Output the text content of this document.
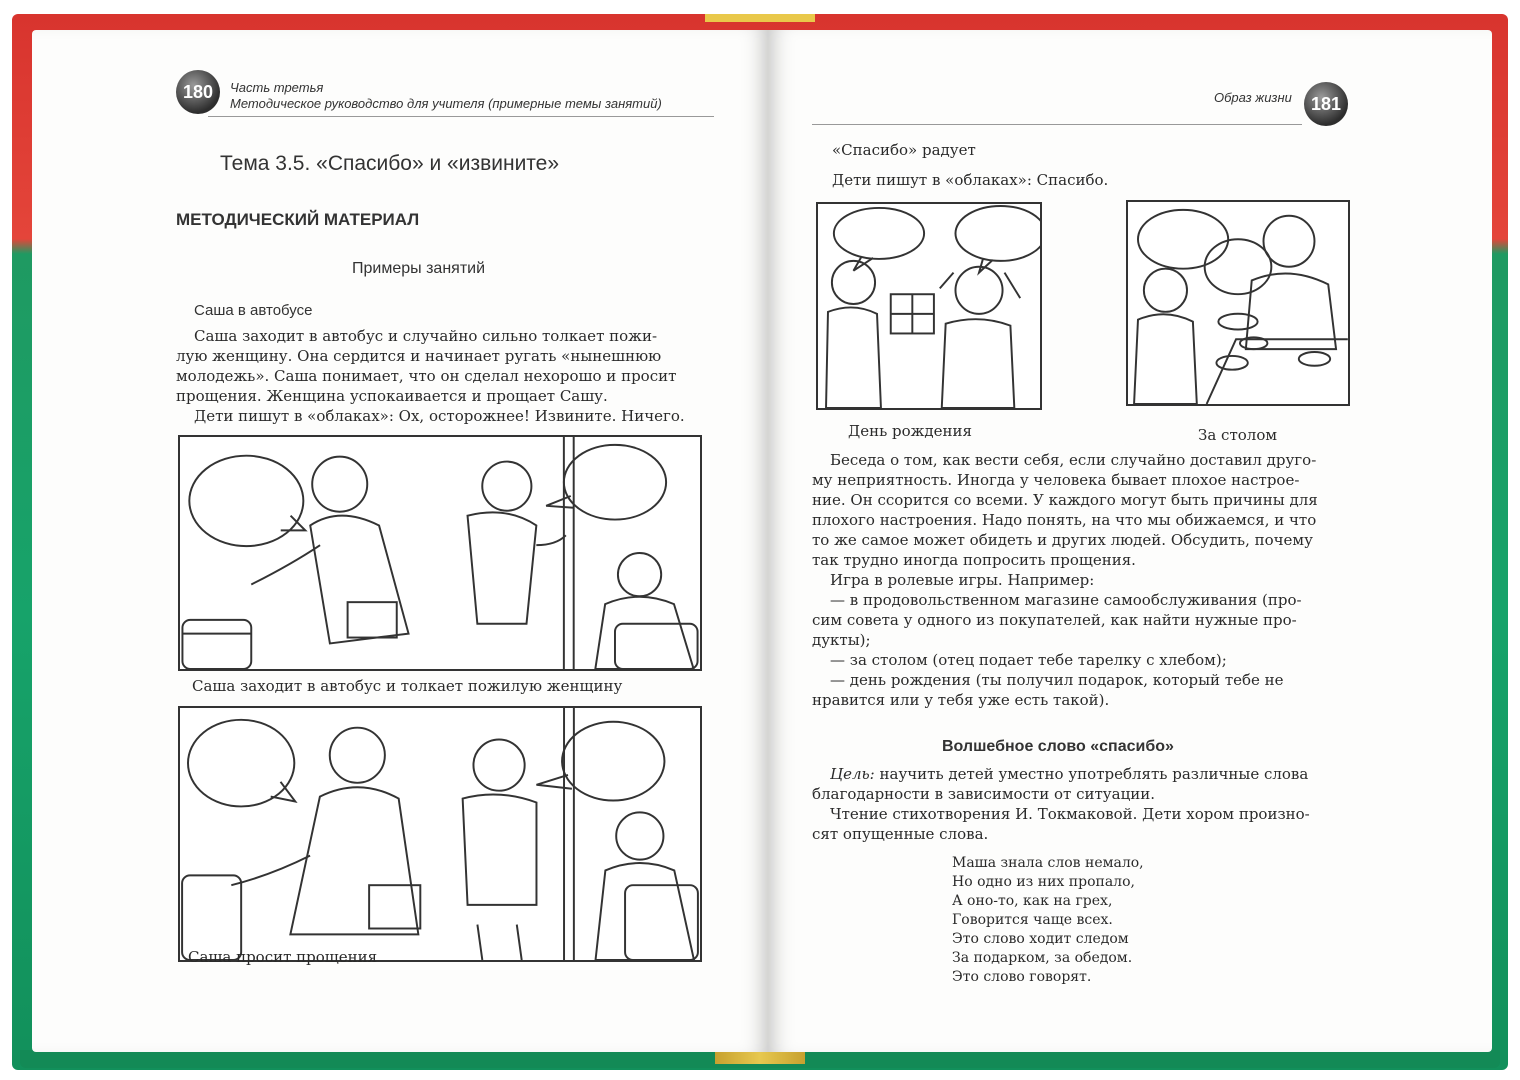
180	Часть третья
Методическое руководство для учителя (примерные темы занятий)
Тема 3.5. «Спасибо» и «извините»
МЕТОДИЧЕСКИЙ МАТЕРИАЛ
Примеры занятий
Саша в автобусе
Саша заходит в автобус и случайно сильно толкает пожи-
лую женщину. Она сердится и начинает ругать «нынешнюю
молодежь». Саша понимает, что он сделал нехорошо и просит
прощения. Женщина успокаивается и прощает Сашу.
Дети пишут в «облаках»: Ох, осторожнее! Извините. Ничего.
Саша заходит в автобус и толкает пожилую женщину
Саша просит прощения
Образ жизни	181
«Спасибо» радует
Дети пишут в «облаках»: Спасибо.
День рождения	За столом
Беседа о том, как вести себя, если случайно доставил друго-
му неприятность. Иногда у человека бывает плохое настрое-
ние. Он ссорится со всеми. У каждого могут быть причины для
плохого настроения. Надо понять, на что мы обижаемся, и что
то же самое может обидеть и других людей. Обсудить, почему
так трудно иногда попросить прощения.
Игра в ролевые игры. Например:
— в продовольственном магазине самообслуживания (про-
сим совета у одного из покупателей, как найти нужные про-
дукты);
— за столом (отец подает тебе тарелку с хлебом);
— день рождения (ты получил подарок, который тебе не
нравится или у тебя уже есть такой).
Волшебное слово «спасибо»
Цель: научить детей уместно употреблять различные слова
благодарности в зависимости от ситуации.
Чтение стихотворения И. Токмаковой. Дети хором произно-
сят опущенные слова.
Маша знала слов немало,
Но одно из них пропало,
А оно-то, как на грех,
Говорится чаще всех.
Это слово ходит следом
За подарком, за обедом.
Это слово говорят.
